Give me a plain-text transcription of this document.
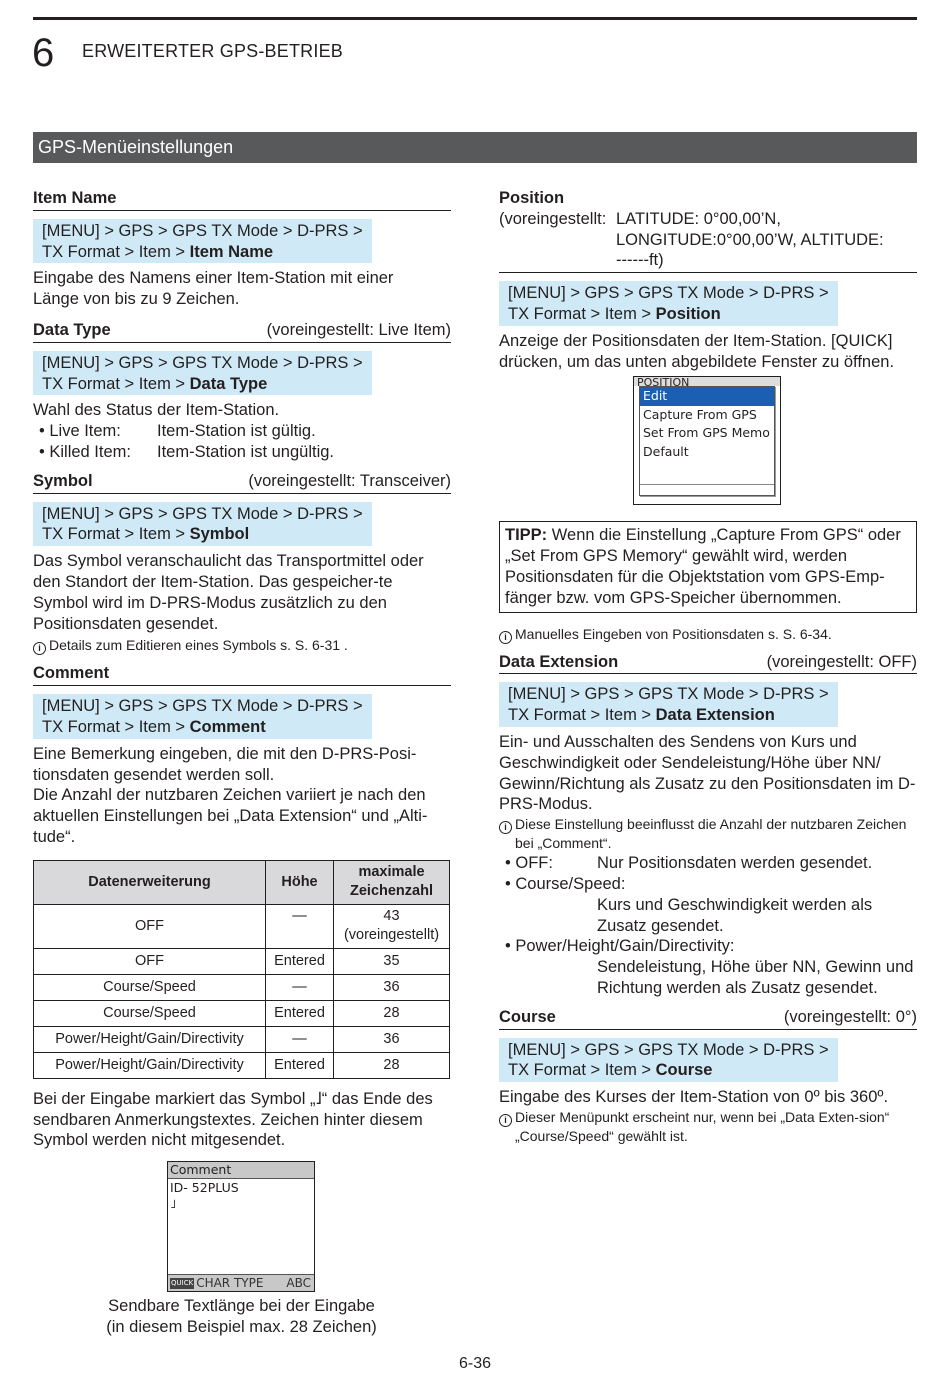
6 ERWEITERTER GPS-BETRIEB
GPS-Menüeinstellungen
Item Name
[MENU] > GPS > GPS TX Mode > D-PRS >
TX Format > Item > Item Name
Eingabe des Namens einer Item-Station mit einer Länge von bis zu 9 Zeichen.
Data Type	(voreingestellt: Live Item)
[MENU] > GPS > GPS TX Mode > D-PRS >
TX Format > Item > Data Type
Wahl des Status der Item-Station.
• Live Item:	Item-Station ist gültig.
• Killed Item:	Item-Station ist ungültig.
Symbol	(voreingestellt: Transceiver)
[MENU] > GPS > GPS TX Mode > D-PRS >
TX Format > Item > Symbol
Das Symbol veranschaulicht das Transportmittel oder den Standort der Item-Station. Das gespeicher-te Symbol wird im D-PRS-Modus zusätzlich zu den Positionsdaten gesendet.
i Details zum Editieren eines Symbols s. S. 6-31 .
Comment
[MENU] > GPS > GPS TX Mode > D-PRS >
TX Format > Item > Comment
Eine Bemerkung eingeben, die mit den D-PRS-Posi-tionsdaten gesendet werden soll.
Die Anzahl der nutzbaren Zeichen variiert je nach den aktuellen Einstellungen bei „Data Extension“ und „Alti-tude“.
Datenerweiterung	Höhe	maximale Zeichenzahl
OFF	—	43 (voreingestellt)
OFF	Entered	35
Course/Speed	—	36
Course/Speed	Entered	28
Power/Height/Gain/Directivity	—	36
Power/Height/Gain/Directivity	Entered	28
Bei der Eingabe markiert das Symbol „˩“ das Ende des sendbaren Anmerkungstextes. Zeichen hinter diesem Symbol werden nicht mitgesendet.
Comment
ID- 52PLUS
˩
QUICK CHAR TYPE ABC
Sendbare Textlänge bei der Eingabe
(in diesem Beispiel max. 28 Zeichen)
Position
(voreingestellt: LATITUDE: 0°00,00’N,
LONGITUDE:0°00,00’W, ALTITUDE:
------ft)
[MENU] > GPS > GPS TX Mode > D-PRS >
TX Format > Item > Position
Anzeige der Positionsdaten der Item-Station. [QUICK] drücken, um das unten abgebildete Fenster zu öffnen.
POSITION
Edit
Capture From GPS
Set From GPS Memo
Default
TIPP: Wenn die Einstellung „Capture From GPS“ oder „Set From GPS Memory“ gewählt wird, werden Positionsdaten für die Objektstation vom GPS-Emp-fänger bzw. vom GPS-Speicher übernommen.
i Manuelles Eingeben von Positionsdaten s. S. 6-34.
Data Extension	(voreingestellt: OFF)
[MENU] > GPS > GPS TX Mode > D-PRS >
TX Format > Item > Data Extension
Ein- und Ausschalten des Sendens von Kurs und Geschwindigkeit oder Sendeleistung/Höhe über NN/ Gewinn/Richtung als Zusatz zu den Positionsdaten im D-PRS-Modus.
i Diese Einstellung beeinflusst die Anzahl der nutzbaren Zeichen bei „Comment“.
• OFF:	Nur Positionsdaten werden gesendet.
• Course/Speed:
Kurs und Geschwindigkeit werden als Zusatz gesendet.
• Power/Height/Gain/Directivity:
Sendeleistung, Höhe über NN, Gewinn und Richtung werden als Zusatz gesendet.
Course	(voreingestellt: 0°)
[MENU] > GPS > GPS TX Mode > D-PRS >
TX Format > Item > Course
Eingabe des Kurses der Item-Station von 0º bis 360º.
i Dieser Menüpunkt erscheint nur, wenn bei „Data Exten-sion“ „Course/Speed“ gewählt ist.
6-36
